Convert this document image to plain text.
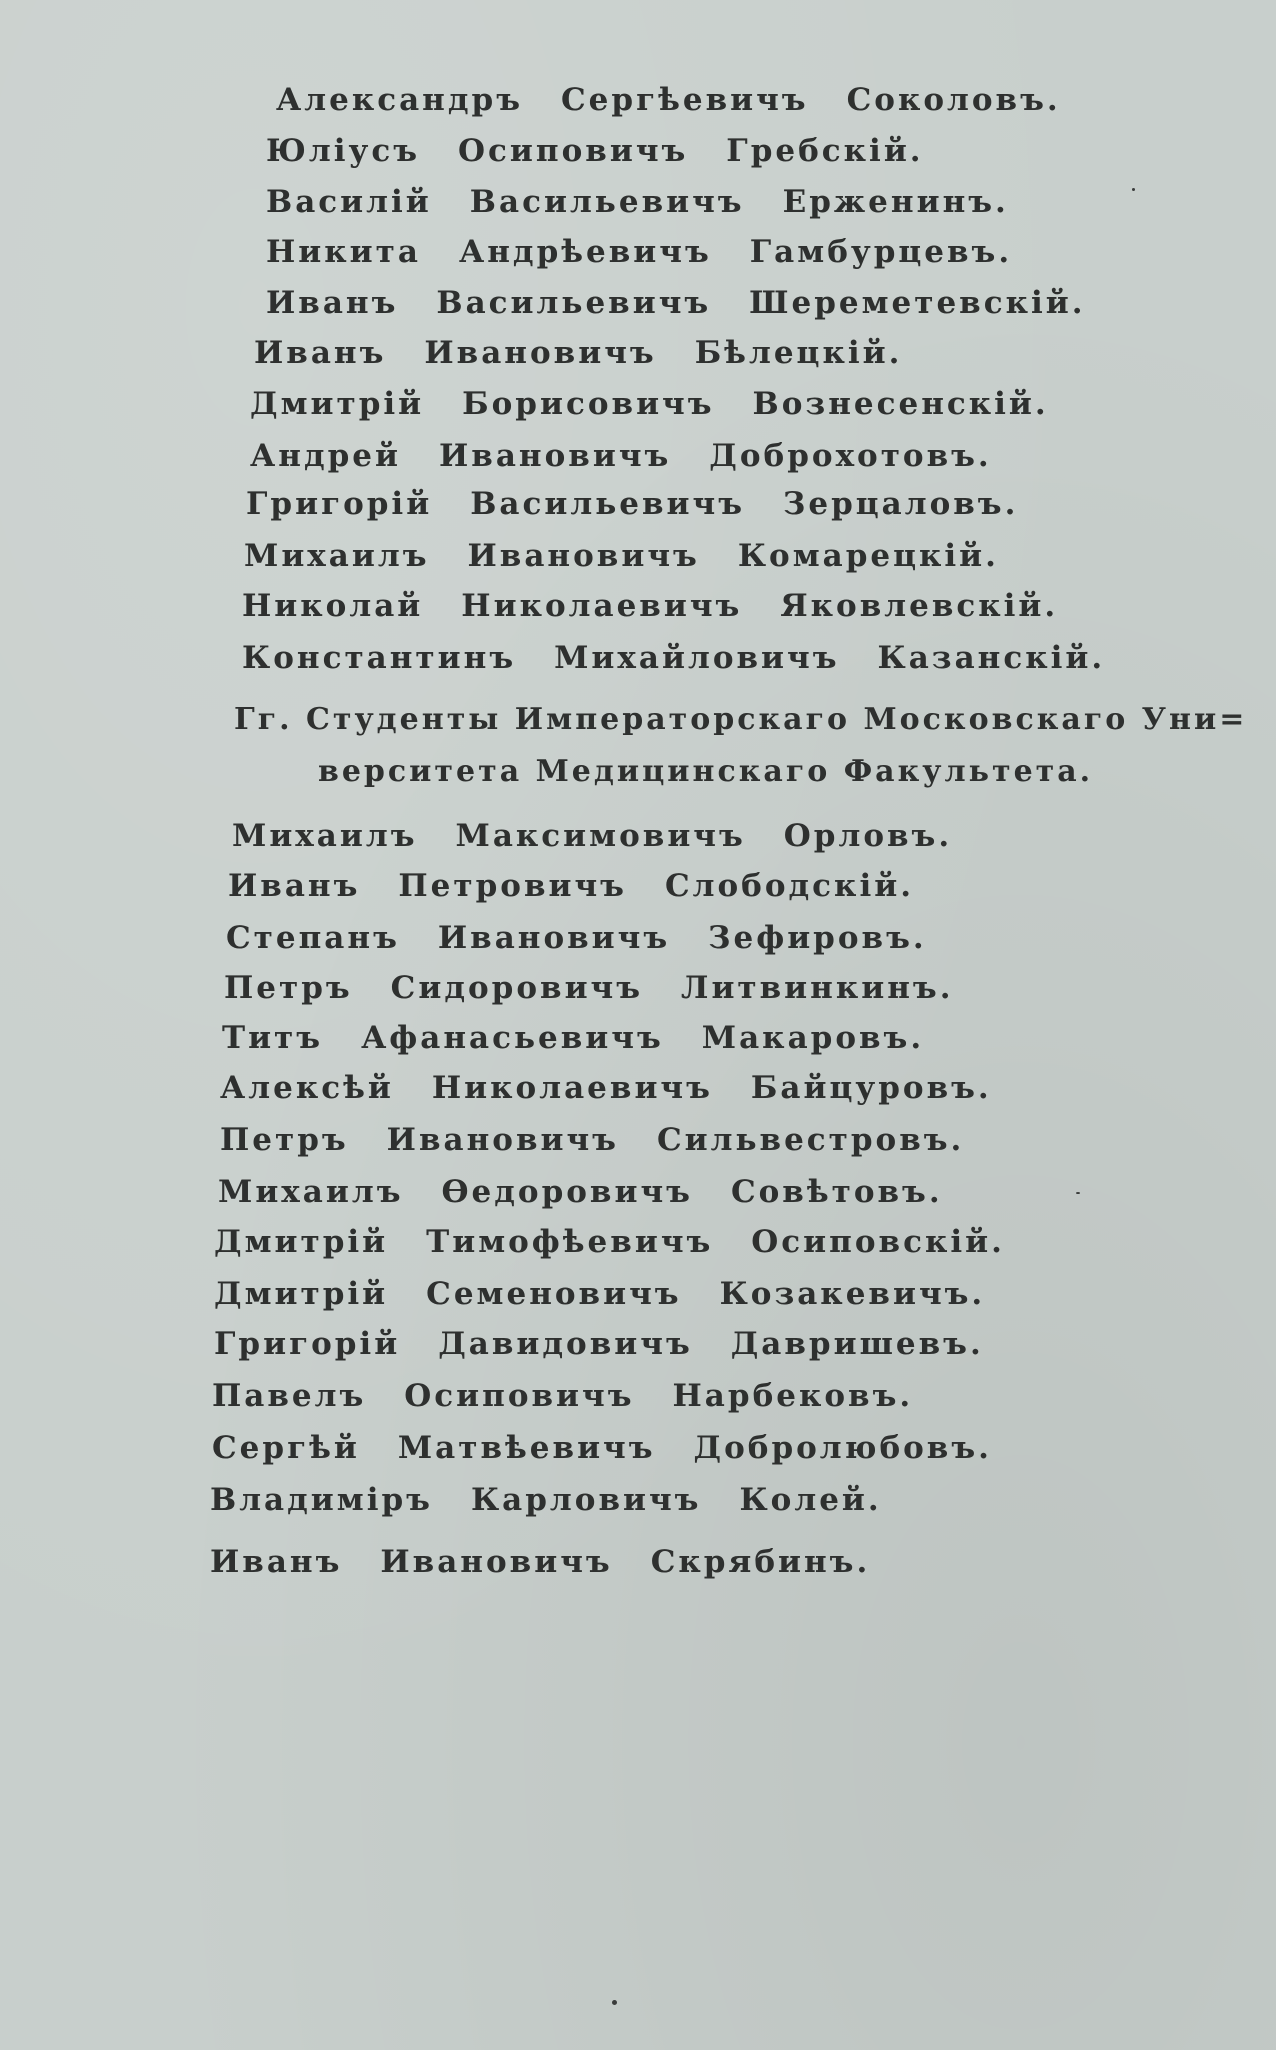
Александръ Сергѣевичъ Соколовъ.
Юліусъ Осиповичъ Гребскій.
Василій Васильевичъ Ерженинъ.
Никита Андрѣевичъ Гамбурцевъ.
Иванъ Васильевичъ Шереметевскій.
Иванъ Ивановичъ Бѣлецкій.
Дмитрій Борисовичъ Вознесенскій.
Андрей Ивановичъ Доброхотовъ.
Григорій Васильевичъ Зерцаловъ.
Михаилъ Ивановичъ Комарецкій.
Николай Николаевичъ Яковлевскій.
Константинъ Михайловичъ Казанскій.
Гг. Студенты Императорскаго Московскаго Уни=
верситета Медицинскаго Факультета.
Михаилъ Максимовичъ Орловъ.
Иванъ Петровичъ Слободскій.
Степанъ Ивановичъ Зефировъ.
Петръ Сидоровичъ Литвинкинъ.
Титъ Афанасьевичъ Макаровъ.
Алексѣй Николаевичъ Байцуровъ.
Петръ Ивановичъ Сильвестровъ.
Михаилъ Ѳедоровичъ Совѣтовъ.
Дмитрій Тимофѣевичъ Осиповскій.
Дмитрій Семеновичъ Козакевичъ.
Григорій Давидовичъ Давришевъ.
Павелъ Осиповичъ Нарбековъ.
Сергѣй Матвѣевичъ Добролюбовъ.
Владиміръ Карловичъ Колей.
Иванъ Ивановичъ Скрябинъ.
